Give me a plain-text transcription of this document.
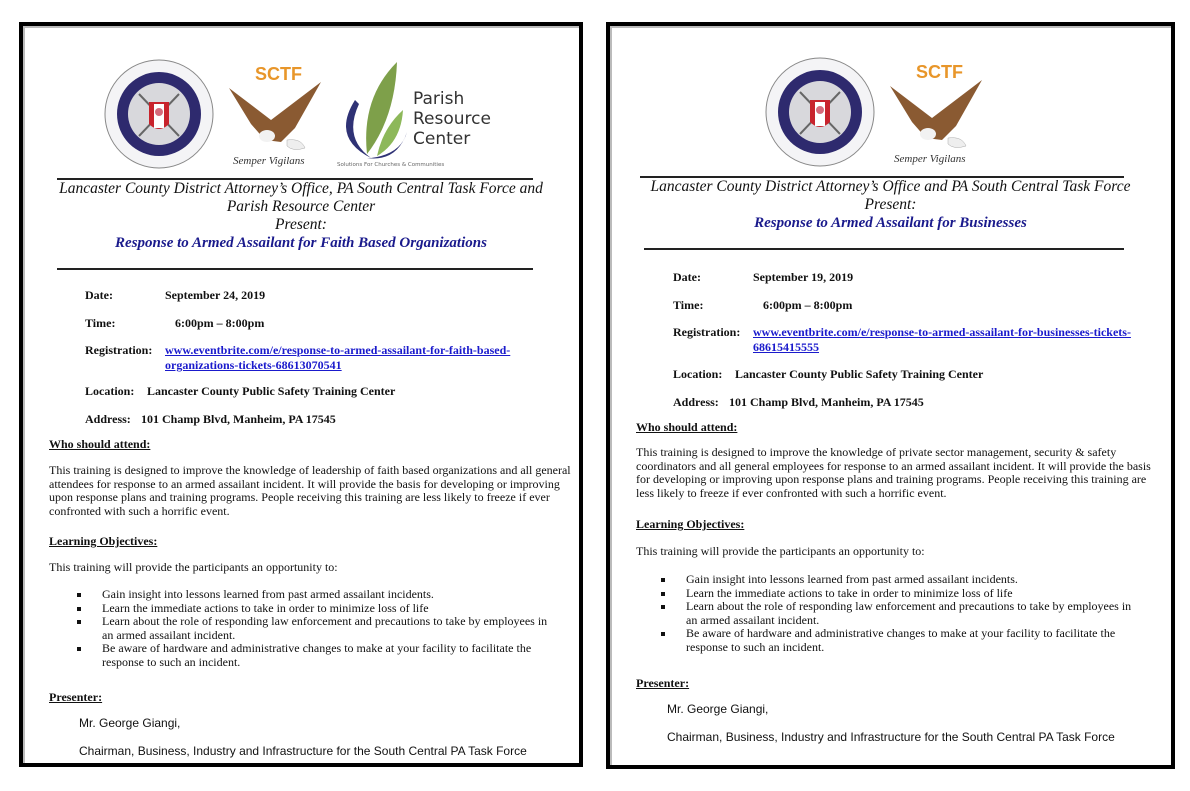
SCTF
Semper Vigilans
Parish
Resource
Center
Solutions For Churches & Communities
Lancaster County District Attorney’s Office, PA South Central Task Force and
Parish Resource Center
Present:
Response to Armed Assailant for Faith Based Organizations
Date:	September 24, 2019
Time:	6:00pm – 8:00pm
Registration: www.eventbrite.com/e/response-to-armed-assailant-for-faith-based-
organizations-tickets-68613070541
Location: Lancaster County Public Safety Training Center
Address: 101 Champ Blvd, Manheim, PA 17545
Who should attend:
This training is designed to improve the knowledge of leadership of faith based organizations and all general
attendees for response to an armed assailant incident. It will provide the basis for developing or improving
upon response plans and training programs. People receiving this training are less likely to freeze if ever
confronted with such a horrific event.
Learning Objectives:
This training will provide the participants an opportunity to:
Gain insight into lessons learned from past armed assailant incidents.
Learn the immediate actions to take in order to minimize loss of life
Learn about the role of responding law enforcement and precautions to take by employees in
an armed assailant incident.
Be aware of hardware and administrative changes to make at your facility to facilitate the
response to such an incident.
Presenter:
Mr. George Giangi,
Chairman, Business, Industry and Infrastructure for the South Central PA Task Force
SCTF
Semper Vigilans
Lancaster County District Attorney’s Office and PA South Central Task Force
Present:
Response to Armed Assailant for Businesses
Date:	September 19, 2019
Time:	6:00pm – 8:00pm
Registration: www.eventbrite.com/e/response-to-armed-assailant-for-businesses-tickets-
68615415555
Location: Lancaster County Public Safety Training Center
Address: 101 Champ Blvd, Manheim, PA 17545
Who should attend:
This training is designed to improve the knowledge of private sector management, security & safety
coordinators and all general employees for response to an armed assailant incident. It will provide the basis
for developing or improving upon response plans and training programs. People receiving this training are
less likely to freeze if ever confronted with such a horrific event.
Learning Objectives:
This training will provide the participants an opportunity to:
Gain insight into lessons learned from past armed assailant incidents.
Learn the immediate actions to take in order to minimize loss of life
Learn about the role of responding law enforcement and precautions to take by employees in
an armed assailant incident.
Be aware of hardware and administrative changes to make at your facility to facilitate the
response to such an incident.
Presenter:
Mr. George Giangi,
Chairman, Business, Industry and Infrastructure for the South Central PA Task Force
